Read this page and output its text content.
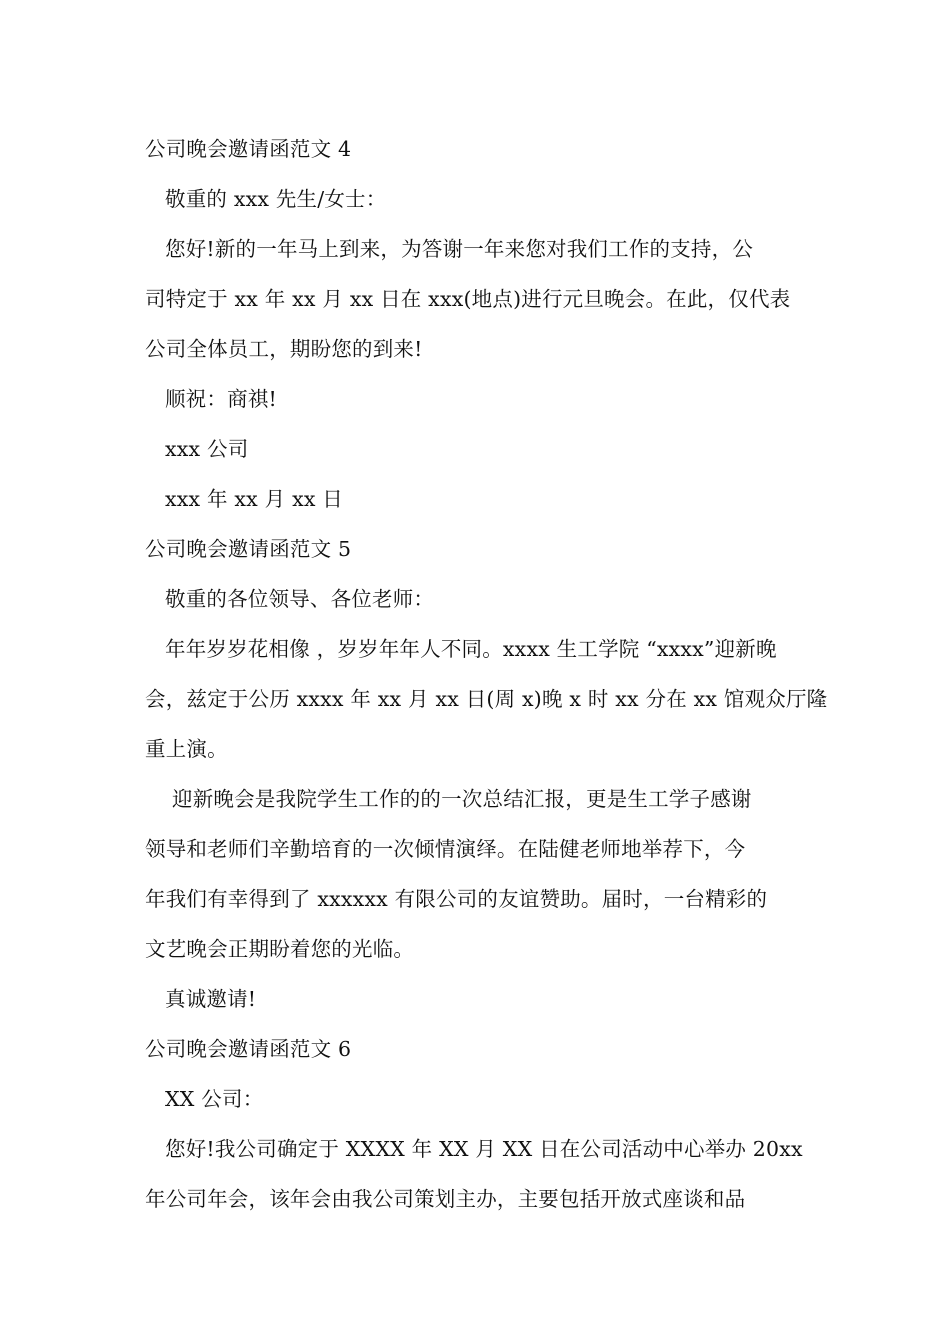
公司晚会邀请函范文 4
敬重的 xxx 先生/女士：
您好!新的一年马上到来，为答谢一年来您对我们工作的支持，公
司特定于 xx 年 xx 月 xx 日在 xxx(地点)进行元旦晚会。在此，仅代表
公司全体员工，期盼您的到来!
顺祝：商祺!
xxx 公司
xxx 年 xx 月 xx 日
公司晚会邀请函范文 5
敬重的各位领导、各位老师：
年年岁岁花相像 ，岁岁年年人不同。xxxx 生工学院 “xxxx”迎新晚
会，兹定于公历 xxxx 年 xx 月 xx 日(周 x)晚 x 时 xx 分在 xx 馆观众厅隆
重上演。
迎新晚会是我院学生工作的的一次总结汇报，更是生工学子感谢
领导和老师们辛勤培育的一次倾情演绎。在陆健老师地举荐下，今
年我们有幸得到了 xxxxxx 有限公司的友谊赞助。届时，一台精彩的
文艺晚会正期盼着您的光临。
真诚邀请!
公司晚会邀请函范文 6
XX 公司：
您好!我公司确定于 XXXX 年 XX 月 XX 日在公司活动中心举办 20xx
年公司年会，该年会由我公司策划主办，主要包括开放式座谈和品
